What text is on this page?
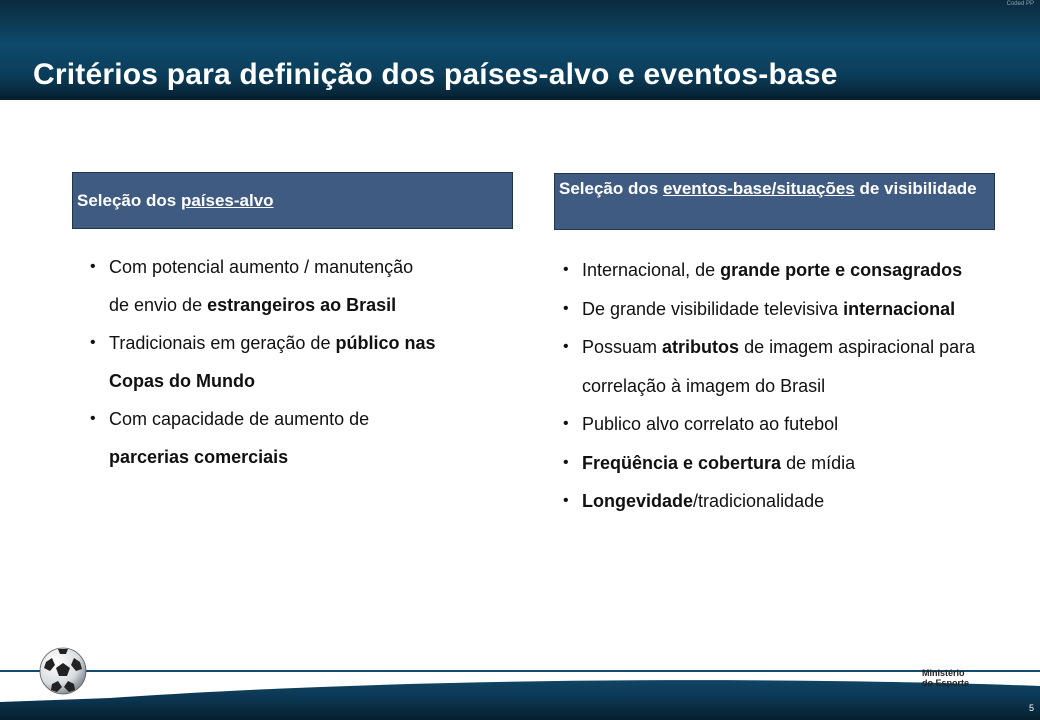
Coded PP
Critérios para definição dos países-alvo e eventos-base
Seleção dos países-alvo
• Com potencial aumento / manutenção
de envio de estrangeiros ao Brasil
• Tradicionais em geração de público nas
Copas do Mundo
• Com capacidade de aumento de
parcerias comerciais
Seleção dos eventos-base/situações de visibilidade
• Internacional, de grande porte e consagrados
• De grande visibilidade televisiva internacional
• Possuam atributos de imagem aspiracional para correlação à imagem do Brasil
• Publico alvo correlato ao futebol
• Freqüência e cobertura de mídia
• Longevidade/tradicionalidade
Ministério
do Esporte
5
